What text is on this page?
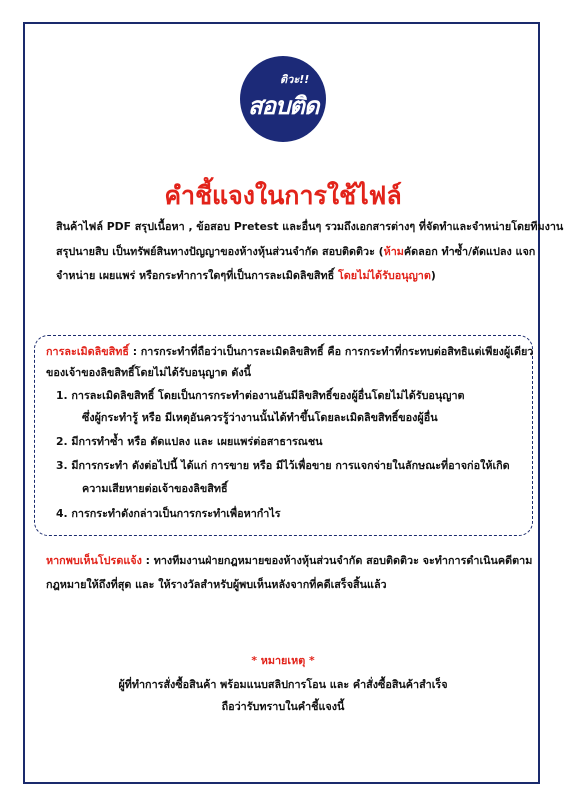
ติวะ!!
สอบติด
คำชี้แจงในการใช้ไฟล์
สินค้าไฟล์ PDF สรุปเนื้อหา , ข้อสอบ Pretest และอื่นๆ รวมถึงเอกสารต่างๆ ที่จัดทำและจำหน่ายโดยทีมงาน
สรุปนายสิบ เป็นทรัพย์สินทางปัญญาของห้างหุ้นส่วนจำกัด สอบติดติวะ (ห้ามคัดลอก ทำซ้ำ/ดัดแปลง แจก
จำหน่าย เผยแพร่ หรือกระทำการใดๆที่เป็นการละเมิดลิขสิทธิ์ โดยไม่ได้รับอนุญาต)
การละเมิดลิขสิทธิ์ : การกระทำที่ถือว่าเป็นการละเมิดลิขสิทธิ์ คือ การกระทำที่กระทบต่อสิทธิแต่เพียงผู้เดียว
ของเจ้าของลิขสิทธิ์โดยไม่ได้รับอนุญาต ดังนี้
1. การละเมิดลิขสิทธิ์ โดยเป็นการกระทำต่องานอันมีลิขสิทธิ์ของผู้อื่นโดยไม่ได้รับอนุญาต
ซึ่งผู้กระทำรู้ หรือ มีเหตุอันควรรู้ว่างานนั้นได้ทำขึ้นโดยละเมิดลิขสิทธิ์ของผู้อื่น
2. มีการทำซ้ำ หรือ ดัดแปลง และ เผยแพร่ต่อสาธารณชน
3. มีการกระทำ ดังต่อไปนี้ ได้แก่ การขาย หรือ มีไว้เพื่อขาย การแจกจ่ายในลักษณะที่อาจก่อให้เกิด
ความเสียหายต่อเจ้าของลิขสิทธิ์
4. การกระทำดังกล่าวเป็นการกระทำเพื่อหากำไร
หากพบเห็นโปรดแจ้ง : ทางทีมงานฝ่ายกฎหมายของห้างหุ้นส่วนจำกัด สอบติดติวะ จะทำการดำเนินคดีตาม
กฎหมายให้ถึงที่สุด และ ให้รางวัลสำหรับผู้พบเห็นหลังจากที่คดีเสร็จสิ้นแล้ว
* หมายเหตุ *
ผู้ที่ทำการสั่งซื้อสินค้า พร้อมแนบสลิปการโอน และ คำสั่งซื้อสินค้าสำเร็จ
ถือว่ารับทราบในคำชี้แจงนี้
